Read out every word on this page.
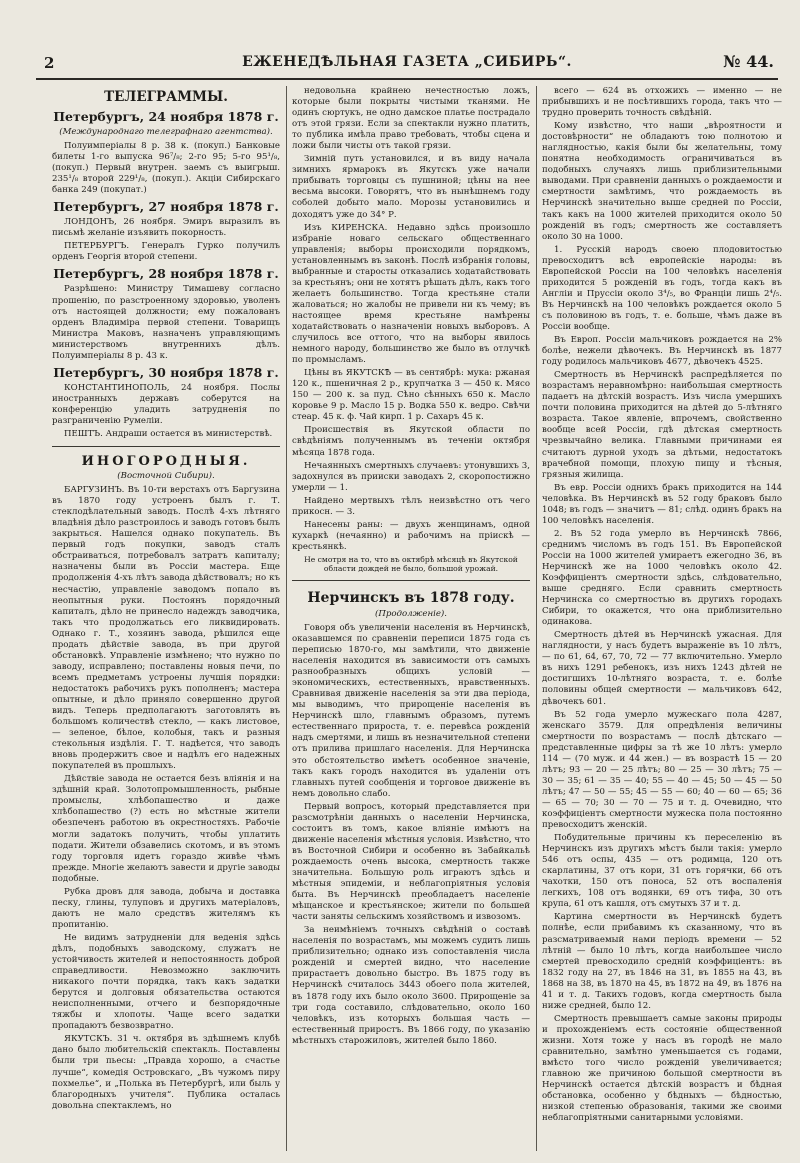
2	ЕЖЕНЕДѢЛЬНАЯ ГАЗЕТА „СИБИРЬ“.	№ 44.
ТЕЛЕГРАММЫ.
Петербургъ, 24 ноября 1878 г.
(Международнаго телеграфнаго агентства).

Полуимперіалы 8 р. 38 к. (покуп.) Банковые билеты 1-го выпуска 96⁷/₈; 2-го 95; 5-го 95¹/₈, (покуп.) Первый внутрен. заемъ съ выигрыш. 235¹/₈ второй 229¹/₈, (покуп.). Акціи Сибирскаго банка 249 (покупат.)

Петербургъ, 27 ноября 1878 г.

ЛОНДОНЪ, 26 ноября. Эмиръ выразилъ въ письмѣ желаніе изъявить покорность.

ПЕТЕРБУРГЪ. Генералъ Гурко получилъ орденъ Георгія второй степени.

Петербургъ, 28 ноября 1878 г.

Разрѣшено: Министру Тимашеву согласно прошенію, по разстроенному здоровью, уволенъ отъ настоящей должности; ему пожалованъ орденъ Владиміра первой степени. Товарищъ Министра Маковъ, назначенъ управляющимъ министерствомъ внутреннихъ дѣлъ. Полуимперіалы 8 р. 43 к.

Петербургъ, 30 ноября 1878 г.

КОНСТАНТИНОПОЛЬ, 24 ноября. Послы иностранныхъ державъ соберутся на конференцію уладить затрудненія по разграниченію Румеліи.

ПЕШТЪ. Андраши остается въ министерствѣ.

ИНОГОРОДНЫЯ.
(Восточной Сибири).

БАРГУЗИНЪ. Въ 10-ти верстахъ отъ Баргузина въ 1870 году устроенъ былъ г. Т. стеклодѣлательный заводъ. Послѣ 4-хъ лѣтняго владѣнія дѣло разстроилось и заводъ готовъ былъ закрыться. Нашелся однако покупатель. Въ первый годъ покупки, заводъ сталъ обстраиваться, потребовалъ затратъ капиталу; назначены были въ Россіи мастера. Еще продолженія 4-хъ лѣтъ завода дѣйствовалъ; но къ несчастію, управленіе заводомъ попало въ неопытныя руки. Постоянъ порядочный капиталъ, дѣло не принесло надеждъ заводчика, такъ что продолжатьсь его ликвидировать. Однако г. Т., хозяинъ завода, рѣшился еще продать дѣйствіе завода, въ при другой обстановкѣ. Управленіе измѣнено; что нужно по заводу, исправлено; поставлены новыя печи, по всемъ предметамъ устроены лучшія порядки: недостатокъ рабочихъ рукъ пополненъ; мастера опытные, и дѣло приняло совершенно другой видъ. Теперь предполагаютъ заготовлять въ большомъ количествѣ стекло, — какъ листовое, — зеленое, бѣлое, колобыя, такъ и разныя стекольныя издѣлія. Г. Т. надѣется, что заводъ вновь продержитъ свое и надѣлъ его надежных покупателей въ прошлыхъ.

Дѣйствіе завода не остается безъ вліянія и на здѣшній край. Золотопромышленность, рыбные промыслы, хлѣбопашество и даже хлѣбопашество (?) есть но мѣстные жители обезпеченъ работою въ окрестностяхъ. Рабочіе могли задатокъ получить, чтобы уплатить подати. Жители обзавелись скотомъ, и въ этомъ году торговля идетъ гораздо живѣе чѣмъ прежде. Многіе желаютъ завести и другіе заводы подобные.

Рубка дровъ для завода, добыча и доставка песку, глины, тулуповъ и другихъ матеріаловъ, даютъ не мало средствъ жителямъ къ пропитанію.

Не видимъ затрудненіи для веденія здѣсь дѣлъ, подобныхъ заводскому, служатъ не устойчивость жителей и непостоянность доброй справедливости. Невозможно заключить никакого почти порядка, такъ какъ задатки берутся и долговыя обязательства остаются неисполненными, отчего и безпорядочные тяжбы и хлопоты. Чаще всего задатки пропадаютъ безвозвратно.

ЯКУТСКЪ. 31 ч. октября въ здѣшнемъ клубѣ дано было любительскій спектакль. Поставлены были три пьесы: „Правда хорошо, а счастье лучше“, комедія Островскаго, „Въ чужомъ пиру похмелье“, и „Полька въ Петербургѣ, или быль у благородныхъ учителя“. Публика осталась довольна спектаклемъ, но

недовольна крайнею нечестностью ложъ, которые были покрыты чистыми тканями. Не одинъ сюртукъ, не одно дамское платье пострадало отъ этой грязи. Если за спектакли нужно платить, то публика имѣла право требовать, чтобы сцена и ложи были чисты отъ такой грязи.

Зимній путь установился, и въ виду начала зимнихъ ярмарокъ въ Якутскъ уже начали прибывать торговцы съ пушниной; цѣны на нее весьма высоки. Говорятъ, что въ нынѣшнемъ году соболей добыто мало. Морозы установились и доходятъ уже до 34° Р.

Изъ КИРЕНСКА. Недавно здѣсь произошло избраніе новаго сельскаго общественнаго управленія; выборы происходили порядкомъ, установленнымъ въ законѣ. Послѣ избранія головы, выбранные и старосты отказались ходатайствовать за крестьянъ; они не хотятъ рѣшать дѣлъ, какъ того желаетъ большинство. Тогда крестьяне стали жаловаться; но жалобы не привели ни къ чему; въ настоящее время крестьяне намѣрены ходатайствовать о назначеніи новыхъ выборовъ. А случилось все оттого, что на выборы явилось немного народу, большинство же было въ отлучкѣ по промысламъ.

Цѣны въ ЯКУТСКѢ — въ сентябрѣ: мука: ржаная 120 к., пшеничная 2 р., крупчатка 3 — 450 к. Мясо 150 — 200 к. за пуд. Сѣно сѣнныхъ 650 к. Масло коровье 9 р. Масло 15 р. Водка 550 к. ведро. Свѣчи стеар. 45 к. ф. Чай кирп. 1 р. Сахаръ 45 к.

Происшествія въ Якутской области по свѣдѣніямъ полученнымъ въ теченіи октября мѣсяца 1878 года.

Нечаянныхъ смертныхъ случаевъ: утонувшихъ 3, задохнулся въ прииски заводахъ 2, скоропостижно умерли — 1.

Найдено мертвыхъ тѣлъ неизвѣстно отъ чего прикосн. — 3.

Нанесены раны: — двухъ женщинамъ, одной кухаркѣ (нечаянно) и рабочимъ на пріискѣ — крестьянкѣ.

Не смотря на то, что въ октябрѣ мѣсяцѣ въ Якутской области дождей не было, большой урожай.

Нерчинскъ въ 1878 году.
(Продолженіе).

Говоря объ увеличеніи населенія въ Нерчинскѣ, оказавшемся по сравненіи переписи 1875 года съ переписью 1870-го, мы замѣтили, что движеніе населенія находится въ зависимости отъ самыхъ разнообразныхъ общихъ условій — экономическихъ, естественныхъ, нравственныхъ. Сравнивая движеніе населенія за эти два періода, мы выводимъ, что прирощеніе населенія въ Нерчинскѣ шло, главнымъ образомъ, путемъ естественнаго прироста, т. е. перевѣса рожденій надъ смертями, и лишь въ незначительной степени отъ прилива пришлаго населенія. Для Нерчинска это обстоятельство имѣетъ особенное значеніе, такъ какъ городъ находится въ удаленіи отъ главныхъ путей сообщенія и торговое движеніе въ немъ довольно слабо.

Первый вопросъ, который представляется при разсмотрѣніи данныхъ о населеніи Нерчинска, состоитъ въ томъ, какое вліяніе имѣютъ на движеніе населенія мѣстныя условія. Извѣстно, что въ Восточной Сибири и особенно въ Забайкальѣ рождаемость очень высока, смертность также значительна. Большую роль играютъ здѣсь и мѣстныя эпидеміи, и неблагопріятныя условія быта. Въ Нерчинскѣ преобладаетъ населеніе мѣщанское и крестьянское; жители по большей части заняты сельскимъ хозяйствомъ и извозомъ.

За неимѣніемъ точныхъ свѣдѣній о составѣ населенія по возрастамъ, мы можемъ судить лишь приблизительно; однако изъ сопоставленія числа рожденій и смертей видно, что население прирастаетъ довольно быстро. Въ 1875 году въ Нерчинскѣ считалось 3443 обоего пола жителей, въ 1878 году ихъ было около 3600. Прирощеніе за три года составило, слѣдовательно, около 160 человѣкъ, изъ которыхъ большая часть — естественный приростъ. Въ 1866 году, по указанію мѣстныхъ старожиловъ, жителей было 1860.

всего — 624 въ отхожихъ — именно — не прибывшихъ и не посѣтившихъ города, такъ что — трудно проверить точность свѣдѣній.

Кому извѣстно, что наши „вѣроятности и достовѣрности“ не обладаютъ тою полнотою и наглядностью, какія были бы желательны, тому понятна необходимость ограничиваться въ подобныхъ случаяхъ лишь приблизительными выводами. При сравненіи данныхъ о рождаемости и смертности замѣтимъ, что рождаемость въ Нерчинскѣ значительно выше средней по Россіи, такъ какъ на 1000 жителей приходится около 50 рожденій въ годъ; смертность же составляетъ около 30 на 1000.

1. Русскій народъ своею плодовитостью превосходитъ всѣ европейскіе народы: въ Европейской Россіи на 100 человѣкъ населенія приходится 5 рожденій въ годъ, тогда какъ въ Англіи и Пруссіи около 3⁴/₅, во Франціи лишь 2⁴/₅. Въ Нерчинскѣ на 100 человѣкъ рождается около 5 съ половиною въ годъ, т. е. больше, чѣмъ даже въ Россіи вообще.

Въ Европ. Россіи мальчиковъ рождается на 2% болѣе, нежели дѣвочекъ. Въ Нерчинскѣ въ 1877 году родилось мальчиковъ 4677, дѣвочекъ 4525.

Смертность въ Нерчинскѣ распредѣляется по возрастамъ неравномѣрно: наибольшая смертность падаетъ на дѣтскій возрастъ. Изъ числа умершихъ почти половина приходится на дѣтей до 5-лѣтняго возраста. Такое явленіе, впрочемъ, свойственно вообще всей Россіи, гдѣ дѣтская смертность чрезвычайно велика. Главными причинами ея считаютъ дурной уходъ за дѣтьми, недостатокъ врачебной помощи, плохую пищу и тѣсныя, грязныя жилища.

Въ евр. Россіи однихъ бракъ приходится на 144 человѣка. Въ Нерчинскѣ въ 52 году браковъ было 1048; въ годъ — значитъ — 81; слѣд. одинъ бракъ на 100 человѣкъ населенія.

2. Въ 52 года умерло въ Нерчинскѣ 7866, среднимъ числомъ въ годъ 151. Въ Европейской Россіи на 1000 жителей умираетъ ежегодно 36, въ Нерчинскѣ же на 1000 человѣкъ около 42. Коэффиціентъ смертности здѣсь, слѣдовательно, выше средняго. Если сравнить смертность Нерчинска со смертностью въ другихъ городахъ Сибири, то окажется, что она приблизительно одинакова.

Смертность дѣтей въ Нерчинскѣ ужасная. Для наглядности, у насъ будетъ выраженіе въ 10 лѣтъ, — по 61, 64, 67, 70, 72 — 77 включительно. Умерло въ нихъ 1291 ребенокъ, изъ нихъ 1243 дѣтей не достигшихъ 10-лѣтняго возраста, т. е. болѣе половины общей смертности — мальчиковъ 642, дѣвочекъ 601.

Въ 52 года умерло мужескаго пола 4287, женскаго 3579. Для опредѣленія величины смертности по возрастамъ — послѣ дѣтскаго — представленные цифры за тѣ же 10 лѣтъ: умерло 114 — (70 муж. и 44 жен.) — въ возрастѣ 15 — 20 лѣтъ; 93 — 20 — 25 лѣтъ; 80 — 25 — 30 лѣтъ; 75 — 30 — 35; 61 — 35 — 40; 55 — 40 — 45; 50 — 45 — 50 лѣтъ; 47 — 50 — 55; 45 — 55 — 60; 40 — 60 — 65; 36 — 65 — 70; 30 — 70 — 75 и т. д. Очевидно, что коэффиціентъ смертности мужеска пола постоянно превосходитъ женскій.

Побудительные причины къ переселенію въ Нерчинскъ изъ другихъ мѣстъ были такія: умерло 546 отъ оспы, 435 — отъ родимца, 120 отъ скарлатины, 37 отъ кори, 31 отъ горячки, 66 отъ чахотки, 150 отъ поноса, 52 отъ воспаленія легкихъ, 108 отъ водянки, 69 отъ тифа, 30 отъ крупа, 61 отъ кашля, отъ смутыхъ 37 и т. д.

Картина смертности въ Нерчинскѣ будетъ полнѣе, если прибавимъ къ сказанному, что въ разсматриваемый нами періодъ времени — 52 лѣтній — было 10 лѣтъ, когда наибольшее число смертей превосходило средній коэффиціентъ: въ 1832 году на 27, въ 1846 на 31, въ 1855 на 43, въ 1868 на 38, въ 1870 на 45, въ 1872 на 49, въ 1876 на 41 и т. д. Такихъ годовъ, когда смертность была ниже средней, было 12.

Смертность превышаетъ самые законы природы и прохожденіемъ есть состояніе общественной жизни. Хотя тоже у насъ въ городѣ не мало сравнительно, замѣтно уменьшается съ годами, вмѣсто того число рожденій увеличивается; главною же причиною большой смертности въ Нерчинскѣ остается дѣтскій возрастъ и бѣдная обстановка, особенно у бѣдныхъ — бѣдностью, низкой степенью образованія, такими же своими неблагопріятными санитарными условіями.
